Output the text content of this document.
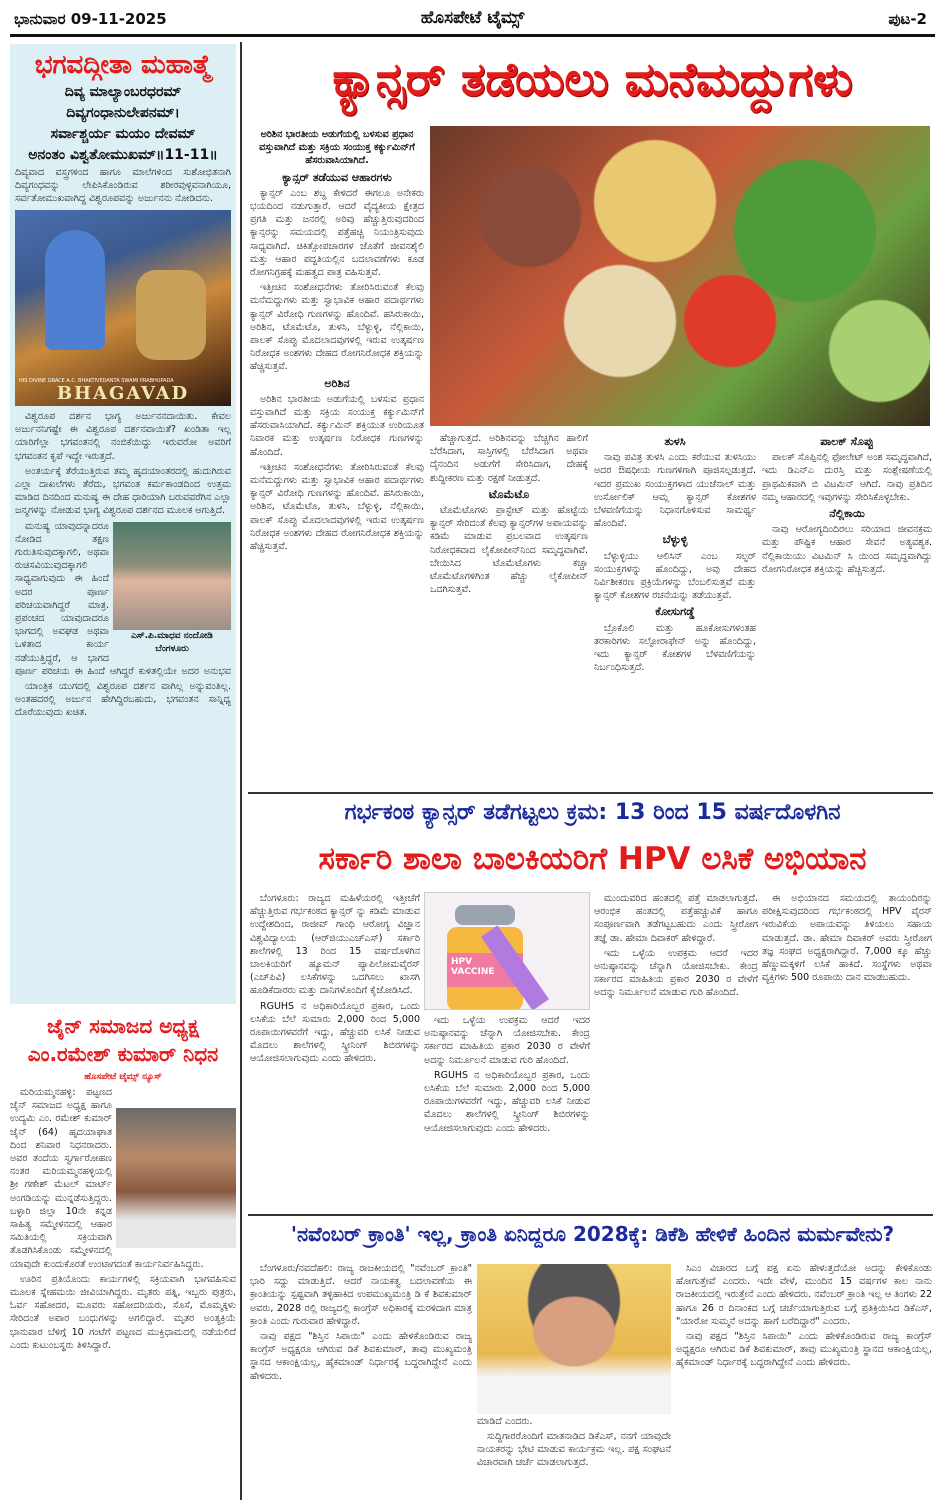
ಭಾನುವಾರ 09-11-2025	ಹೊಸಪೇಟೆ ಟೈಮ್ಸ್	ಪುಟ-2
ಭಗವದ್ಗೀತಾ ಮಹಾತ್ಮೆ
ದಿವ್ಯ ಮಾಲ್ಯಾಂಬರಧರಮ್
ದಿವ್ಯಗಂಧಾನುಲೇಪನಮ್।
ಸರ್ವಾಶ್ಚರ್ಯ ಮಯಂ ದೇವಮ್
ಅನಂತಂ ವಿಶ್ವತೋಮುಖಮ್॥11-11॥
ದಿವ್ಯವಾದ ವಸ್ತ್ರಗಳಿಂದ ಹಾಗೂ ಮಾಲೆಗಳಿಂದ ಸುಶೋಭಿತನಾಗಿ ದಿವ್ಯಗಂಧವನ್ನು ಲೇಪಿಸಿಕೊಂಡಿರುವ ಶರೀರವುಳ್ಳವನಾಗಿಯೂ, ಸರ್ವತೋಮುಖವಾಗಿದ್ದ ವಿಶ್ವರೂಪವನ್ನು ಅರ್ಜುನನು ನೋಡಿದನು.
HIS DIVINE GRACE A.C. BHAKTIVEDANTA SWAMI PRABHUPADA
BHAGAVAD

ವಿಶ್ವರೂಪ ದರ್ಶನ ಭಾಗ್ಯ ಅರ್ಜುನನದಾಯಿತು. ಕೇವಲ ಅರ್ಜುನನಿಗಷ್ಟೇ ಈ ವಿಶ್ವರೂಪ ದರ್ಶನವಾಯಿತೆ? ಖಂಡಿತಾ ಇಲ್ಲ ಯಾರಿಗೆಲ್ಲಾ ಭಗವಂತನಲ್ಲಿ ನಂಬಿಕೆಯಿದ್ದು ಇರುವರೋ ಅವರಿಗೆ ಭಗವಂತನ ಕೃಪೆ ಇದ್ದೇ ಇರುತ್ತದೆ.

ಅಂತರ್ಯಕ್ಕೆ ತೆರೆಯುತ್ತಿರುವ ತಮ್ಮ ಹೃದಯಾಂತರದಲ್ಲಿ ಹುದುಗಿರುವ ಎಲ್ಲಾ ದಾಖಲೆಗಳು ತೆರೆದು, ಭಗವಂತ ಕರ್ಮಕಾಂಡದಿಂದ ಉತ್ತಮ ಮಾಡಿದ ದಿನದಿಂದ ಮನುಷ್ಯ ಈ ದೇಹ ಧಾರಿಯಾಗಿ ಬರುವವರೆಗಿನ ಎಲ್ಲಾ ಜನ್ಮಗಳನ್ನು ನೋಡುವ ಭಾಗ್ಯ ವಿಶ್ವರೂಪ ದರ್ಶನದ ಮೂಲಕ ಆಗುತ್ತಿದೆ.

ಎಸ್.ಪಿ.ಮಾಧವ ನಂದೋಡಿ
ಬೆಂಗಳೂರು

ಮನುಷ್ಯ ಯಾವುದನ್ನಾದರೂ ನೋಡಿದ ತಕ್ಷಣ ಗುರುತಿಸುವುದಕ್ಕಾಗಲಿ, ಅಥವಾ ರುಚಿಸವಿಯುವುದಕ್ಕಾಗಲಿ ಸಾಧ್ಯವಾಗುವುದು ಈ ಹಿಂದೆ ಅದರ ಪೂರ್ಣ ಪರಿಚಯವಾಗಿದ್ದರೆ ಮಾತ್ರ. ಪ್ರಪಂಚದ ಯಾವುದಾದರೂ ಭಾಗದಲ್ಲಿ ಅವಘಡ ಅಥವಾ ಒಳಿತಾದ ಕಾರ್ಯ ನಡೆಯುತ್ತಿದ್ದರೆ, ಆ ಭಾಗದ ಪೂರ್ಣ ಪರಿಚಯ ಈ ಹಿಂದೆ ಆಗಿದ್ದರೆ ಕುಳಿತಲ್ಲಿಯೇ ಅದರ ಅನುಭವ

ಯಾಂತ್ರಿಕ ಯುಗದಲ್ಲಿ ವಿಶ್ವರೂಪ ದರ್ಶನ ವಾಗಿಲ್ಲ ಅನ್ನುವಂತಿಲ್ಲ. ಅಂತಹದರಲ್ಲಿ ಅರ್ಜುನ ಹೇಗಿದ್ದಿರಬಹುದು, ಭಗವಂತನ ಸಾನ್ನಿಧ್ಯ ದೊರೆಯುವುದು ಖಚಿತ.

ಜೈನ್ ಸಮಾಜದ ಅಧ್ಯಕ್ಷ
ಎಂ.ರಮೇಶ್ ಕುಮಾರ್ ನಿಧನ
ಹೊಸಪೇಟೆ ಟೈಮ್ಸ್ ನ್ಯೂಸ್

ಮರಿಯಮ್ಮನಹಳ್ಳಿ: ಪಟ್ಟಣದ ಜೈನ್ ಸಮಾಜದ ಅಧ್ಯಕ್ಷ ಹಾಗೂ ಉದ್ಯಮಿ ಎಂ. ರಮೇಶ್ ಕುಮಾರ್ ಜೈನ್ (64) ಹೃದಯಾಘಾತ ದಿಂದ ಶನಿವಾರ ನಿಧನರಾದರು. ಅವರ ತಂದೆಯ ಸ್ವರ್ಗಾರೋಹಣ ನಂತರ ಮರಿಯಮ್ಮನಹಳ್ಳಿಯಲ್ಲಿ ಶ್ರೀ ಗಣೇಶ್ ಮೆಟಲ್ ಮಾರ್ಟ್ ಅಂಗಡಿಯನ್ನು ಮುನ್ನಡೆಸುತ್ತಿದ್ದರು. ಬಳ್ಳಾರಿ ಜಿಲ್ಲಾ 10ನೇ ಕನ್ನಡ ಸಾಹಿತ್ಯ ಸಮ್ಮೇಳನದಲ್ಲಿ ಆಹಾರ ಸಮಿತಿಯಲ್ಲಿ ಸಕ್ರಿಯವಾಗಿ ತೊಡಗಿಸಿಕೊಂಡು ಸಮ್ಮೇಳನದಲ್ಲಿ ಯಾವುದೇ ಕುಂದುಕೊರತೆ ಉಂಟಾಗದಂತೆ ಕಾರ್ಯನಿರ್ವಹಿಸಿದ್ದರು.

ಊರಿನ ಪ್ರತಿಯೊಂದು ಕಾರ್ಯಗಳಲ್ಲಿ ಸಕ್ರಿಯವಾಗಿ ಭಾಗವಹಿಸುವ ಮೂಲಕ ಸ್ನೇಹಮಯಿ ಜೀವಿಯಾಗಿದ್ದರು. ಮೃತರು ಪತ್ನಿ, ಇಬ್ಬರು ಪುತ್ರರು, ಓರ್ವ ಸಹೋದರ, ಮೂವರು ಸಹೋದರಿಯರು, ಸೊಸೆ, ಮೊಮ್ಮಕ್ಕಳು ಸೇರಿದಂತೆ ಅಪಾರ ಬಂಧುಗಳನ್ನು ಅಗಲಿದ್ದಾರೆ. ಮೃತರ ಅಂತ್ಯಕ್ರಿಯೆ ಭಾನುವಾರ ಬೆಳಿಗ್ಗೆ 10 ಗಂಟೆಗೆ ಪಟ್ಟಣದ ಮುಕ್ತಿಧಾಮದಲ್ಲಿ ನಡೆಯಲಿದೆ ಎಂದು ಕುಟುಂಬಸ್ಥರು ತಿಳಿಸಿದ್ದಾರೆ.

ಕ್ಯಾನ್ಸರ್ ತಡೆಯಲು ಮನೆಮದ್ದುಗಳು
ಅರಿಶಿನ ಭಾರತೀಯ ಅಡುಗೆಯಲ್ಲಿ ಬಳಸುವ ಪ್ರಧಾನ ವಸ್ತುವಾಗಿದೆ ಮತ್ತು ಸಕ್ರಿಯ ಸಂಯುಕ್ತ ಕರ್ಕ್ಯುಮಿನ್‌ಗೆ ಹೆಸರುವಾಸಿಯಾಗಿದೆ.
ಕ್ಯಾನ್ಸರ್ ತಡೆಯುವ ಆಹಾರಗಳು

ಕ್ಯಾನ್ಸರ್ ಎಂಬ ಶಬ್ದ ಕೇಳಿದರೆ ಈಗಲೂ ಅನೇಕರು ಭಯದಿಂದ ನಡುಗುತ್ತಾರೆ. ಆದರೆ ವೈದ್ಯಕೀಯ ಕ್ಷೇತ್ರದ ಪ್ರಗತಿ ಮತ್ತು ಜನರಲ್ಲಿ ಅರಿವು ಹೆಚ್ಚುತ್ತಿರುವುದರಿಂದ ಕ್ಯಾನ್ಸರನ್ನು ಸಮಯದಲ್ಲಿ ಪತ್ತೆಹಚ್ಚಿ ನಿಯಂತ್ರಿಸುವುದು ಸಾಧ್ಯವಾಗಿದೆ. ಚಿಕಿತ್ಸೋಪಚಾರಗಳ ಜೊತೆಗೆ ಜೀವನಶೈಲಿ ಮತ್ತು ಆಹಾರ ಪದ್ಧತಿಯಲ್ಲಿನ ಬದಲಾವಣೆಗಳು ಕೂಡ ರೋಗನಿಗ್ರಹಕ್ಕೆ ಮಹತ್ವದ ಪಾತ್ರ ವಹಿಸುತ್ತವೆ.

ಇತ್ತೀಚಿನ ಸಂಶೋಧನೆಗಳು ತೋರಿಸಿರುವಂತೆ ಕೆಲವು ಮನೆಮದ್ದುಗಳು ಮತ್ತು ಸ್ವಾಭಾವಿಕ ಆಹಾರ ಪದಾರ್ಥಗಳು ಕ್ಯಾನ್ಸರ್ ವಿರೋಧಿ ಗುಣಗಳನ್ನು ಹೊಂದಿವೆ. ಹಸಿರುಕಾಯಿ, ಅರಿಶಿನ, ಟೊಮೆಟೊ, ತುಳಸಿ, ಬೆಳ್ಳುಳ್ಳಿ, ನೆಲ್ಲಿಕಾಯಿ, ಪಾಲಕ್ ಸೊಪ್ಪು ಮೊದಲಾದವುಗಳಲ್ಲಿ ಇರುವ ಉತ್ಕರ್ಷಣ ನಿರೋಧಕ ಅಂಶಗಳು ದೇಹದ ರೋಗನಿರೋಧಕ ಶಕ್ತಿಯನ್ನು ಹೆಚ್ಚಿಸುತ್ತವೆ.

ಅರಿಶಿನ

ಅರಿಶಿನ ಭಾರತೀಯ ಅಡುಗೆಯಲ್ಲಿ ಬಳಸುವ ಪ್ರಧಾನ ವಸ್ತುವಾಗಿದೆ ಮತ್ತು ಸಕ್ರಿಯ ಸಂಯುಕ್ತ ಕರ್ಕ್ಯುಮಿನ್‌ಗೆ ಹೆಸರುವಾಸಿಯಾಗಿದೆ. ಕರ್ಕ್ಯುಮಿನ್ ಶಕ್ತಿಯುತ ಉರಿಯೂತ ನಿವಾರಕ ಮತ್ತು ಉತ್ಕರ್ಷಣ ನಿರೋಧಕ ಗುಣಗಳನ್ನು ಹೊಂದಿದೆ.

ಇತ್ತೀಚಿನ ಸಂಶೋಧನೆಗಳು ತೋರಿಸಿರುವಂತೆ ಕೆಲವು ಮನೆಮದ್ದುಗಳು ಮತ್ತು ಸ್ವಾಭಾವಿಕ ಆಹಾರ ಪದಾರ್ಥಗಳು ಕ್ಯಾನ್ಸರ್ ವಿರೋಧಿ ಗುಣಗಳನ್ನು ಹೊಂದಿವೆ. ಹಸಿರುಕಾಯಿ, ಅರಿಶಿನ, ಟೊಮೆಟೊ, ತುಳಸಿ, ಬೆಳ್ಳುಳ್ಳಿ, ನೆಲ್ಲಿಕಾಯಿ, ಪಾಲಕ್ ಸೊಪ್ಪು ಮೊದಲಾದವುಗಳಲ್ಲಿ ಇರುವ ಉತ್ಕರ್ಷಣ ನಿರೋಧಕ ಅಂಶಗಳು ದೇಹದ ರೋಗನಿರೋಧಕ ಶಕ್ತಿಯನ್ನು ಹೆಚ್ಚಿಸುತ್ತವೆ.

ಹೆಚ್ಚಾಗುತ್ತದೆ. ಅರಿಶಿನವನ್ನು ಬೆಚ್ಚಗಿನ ಹಾಲಿಗೆ ಬೆರೆಸಿದಾಗ, ಸಾಸ್ತಿಗಳಲ್ಲಿ ಬೆರೆಸಿದಾಗ ಅಥವಾ ದೈನಂದಿನ ಅಡುಗೆಗೆ ಸೇರಿಸಿದಾಗ, ದೇಹಕ್ಕೆ ಶುದ್ಧೀಕರಣ ಮತ್ತು ರಕ್ಷಣೆ ನೀಡುತ್ತದೆ.

ಟೊಮೆಟೊ

ಟೊಮೆಟೊಗಳು ಪ್ರಾಸ್ಟೇಟ್ ಮತ್ತು ಹೊಟ್ಟೆಯ ಕ್ಯಾನ್ಸರ್ ಸೇರಿದಂತೆ ಕೆಲವು ಕ್ಯಾನ್ಸರ್‌ಗಳ ಅಪಾಯವನ್ನು ಕಡಿಮೆ ಮಾಡುವ ಪ್ರಬಲವಾದ ಉತ್ಕರ್ಷಣ ನಿರೋಧಕವಾದ ಲೈಕೋಪೀನ್‌ನಿಂದ ಸಮೃದ್ಧವಾಗಿವೆ. ಬೇಯಿಸಿದ ಟೊಮೆಟೊಗಳು ಕಚ್ಚಾ ಟೊಮೆಟೊಗಳಿಗಿಂತ ಹೆಚ್ಚು ಲೈಕೋಪೀನ್ ಒದಗಿಸುತ್ತವೆ.

ತುಳಸಿ

ನಾವು ಪವಿತ್ರ ತುಳಸಿ ಎಂದು ಕರೆಯುವ ತುಳಸಿಯು ಅದರ ಔಷಧೀಯ ಗುಣಗಳಿಗಾಗಿ ಪೂಜಿಸಲ್ಪಡುತ್ತದೆ. ಇದರ ಪ್ರಮುಖ ಸಂಯುಕ್ತಗಳಾದ ಯುಜೆನಾಲ್ ಮತ್ತು ಉರ್ಸೋಲಿಕ್ ಆಮ್ಲ ಕ್ಯಾನ್ಸರ್ ಕೋಶಗಳ ಬೆಳವಣಿಗೆಯನ್ನು ನಿಧಾನಗೊಳಿಸುವ ಸಾಮರ್ಥ್ಯ ಹೊಂದಿವೆ.

ಬೆಳ್ಳುಳ್ಳಿ

ಬೆಳ್ಳುಳ್ಳಿಯು ಆಲಿಸಿನ್ ಎಂಬ ಸಲ್ಫರ್ ಸಂಯುಕ್ತಗಳನ್ನು ಹೊಂದಿದ್ದು, ಅವು ದೇಹದ ನಿರ್ವಿಶೀಕರಣ ಪ್ರಕ್ರಿಯೆಗಳನ್ನು ಬೆಂಬಲಿಸುತ್ತವೆ ಮತ್ತು ಕ್ಯಾನ್ಸರ್ ಕೋಶಗಳ ರಚನೆಯನ್ನು ತಡೆಯುತ್ತವೆ.

ಕೋಸುಗಡ್ಡೆ

ಬ್ರೊಕೊಲಿ ಮತ್ತು ಹೂಕೋಸುಗಳಂತಹ ತರಕಾರಿಗಳು ಸಲ್ಫೋರಾಫೇನ್ ಅನ್ನು ಹೊಂದಿದ್ದು, ಇದು ಕ್ಯಾನ್ಸರ್ ಕೋಶಗಳ ಬೆಳವಣಿಗೆಯನ್ನು ನಿರ್ಬಂಧಿಸುತ್ತದೆ.

ಪಾಲಕ್ ಸೊಪ್ಪು

ಪಾಲಕ್ ಸೊಪ್ಪಿನಲ್ಲಿ ಫೋಲೇಟ್ ಅಂಶ ಸಮೃದ್ಧವಾಗಿದೆ, ಇದು ಡಿಎನ್‌ಎ ದುರಸ್ತಿ ಮತ್ತು ಸಂಶ್ಲೇಷಣೆಯಲ್ಲಿ ಪ್ರಾಥಮಿಕವಾಗಿ ಬಿ ವಿಟಮಿನ್ ಆಗಿದೆ. ನಾವು ಪ್ರತಿದಿನ ನಮ್ಮ ಆಹಾರದಲ್ಲಿ ಇವುಗಳನ್ನು ಸೇರಿಸಿಕೊಳ್ಳಬೇಕು.

ನೆಲ್ಲಿಕಾಯಿ

ನಾವು ಆರೋಗ್ಯದಿಂದಿರಲು ಸರಿಯಾದ ಜೀವನಕ್ರಮ ಮತ್ತು ಪೌಷ್ಟಿಕ ಆಹಾರ ಸೇವನೆ ಅತ್ಯವಶ್ಯಕ. ನೆಲ್ಲಿಕಾಯಿಯು ವಿಟಮಿನ್ ಸಿ ಯಿಂದ ಸಮೃದ್ಧವಾಗಿದ್ದು ರೋಗನಿರೋಧಕ ಶಕ್ತಿಯನ್ನು ಹೆಚ್ಚಿಸುತ್ತದೆ.

ಗರ್ಭಕಂಠ ಕ್ಯಾನ್ಸರ್ ತಡೆಗಟ್ಟಲು ಕ್ರಮ: 13 ರಿಂದ 15 ವರ್ಷದೊಳಗಿನ
ಸರ್ಕಾರಿ ಶಾಲಾ ಬಾಲಕಿಯರಿಗೆ HPV ಲಸಿಕೆ ಅಭಿಯಾನ

ಬೆಂಗಳೂರು: ರಾಜ್ಯದ ಮಹಿಳೆಯರಲ್ಲಿ ಇತ್ತೀಚೆಗೆ ಹೆಚ್ಚುತ್ತಿರುವ ಗರ್ಭಕಂಠದ ಕ್ಯಾನ್ಸರ್ ನ್ನು ಕಡಿಮೆ ಮಾಡುವ ಉದ್ದೇಶದಿಂದ, ರಾಜೀವ್ ಗಾಂಧಿ ಆರೋಗ್ಯ ವಿಜ್ಞಾನ ವಿಶ್ವವಿದ್ಯಾಲಯ (ಆರ್‌ಜಿಯುಎಚ್‌ಎಸ್) ಸರ್ಕಾರಿ ಶಾಲೆಗಳಲ್ಲಿ 13 ರಿಂದ 15 ವರ್ಷದೊಳಗಿನ ಬಾಲಕಿಯರಿಗೆ ಹ್ಯೂಮನ್ ಪ್ಯಾಪಿಲೋಮವೈರಸ್ (ಎಚ್‌ಪಿವಿ) ಲಸಿಕೆಗಳನ್ನು ಒದಗಿಸಲು ಖಾಸಗಿ ಹೂಡಿಕೆದಾರರು ಮತ್ತು ದಾನಿಗಳೊಂದಿಗೆ ಕೈಜೋಡಿಸಿದೆ.

RGUHS ನ ಅಧಿಕಾರಿಯೊಬ್ಬರ ಪ್ರಕಾರ, ಒಂದು ಲಸಿಕೆಯ ಬೆಲೆ ಸುಮಾರು 2,000 ರಿಂದ 5,000 ರೂಪಾಯಿಗಳವರೆಗೆ ಇದ್ದು, ಹೆಚ್ಚುವರಿ ಲಸಿಕೆ ನೀಡುವ ಮೊದಲು ಶಾಲೆಗಳಲ್ಲಿ ಸ್ಕ್ರೀನಿಂಗ್ ಶಿಬಿರಗಳನ್ನು ಆಯೋಜಿಸಲಾಗುವುದು ಎಂದು ಹೇಳಿದರು.

HPV
VACCINE

ಇದು ಒಳ್ಳೆಯ ಉಪಕ್ರಮ ಆದರೆ ಇದರ ಅನುಷ್ಠಾನವನ್ನು ಚೆನ್ನಾಗಿ ಯೋಜಿಸಬೇಕು. ಕೇಂದ್ರ ಸರ್ಕಾರದ ಮಾಹಿತಿಯ ಪ್ರಕಾರ 2030 ರ ವೇಳೆಗೆ ಅದನ್ನು ನಿರ್ಮೂಲನೆ ಮಾಡುವ ಗುರಿ ಹೊಂದಿದೆ.

RGUHS ನ ಅಧಿಕಾರಿಯೊಬ್ಬರ ಪ್ರಕಾರ, ಒಂದು ಲಸಿಕೆಯ ಬೆಲೆ ಸುಮಾರು 2,000 ರಿಂದ 5,000 ರೂಪಾಯಿಗಳವರೆಗೆ ಇದ್ದು, ಹೆಚ್ಚುವರಿ ಲಸಿಕೆ ನೀಡುವ ಮೊದಲು ಶಾಲೆಗಳಲ್ಲಿ ಸ್ಕ್ರೀನಿಂಗ್ ಶಿಬಿರಗಳನ್ನು ಆಯೋಜಿಸಲಾಗುವುದು ಎಂದು ಹೇಳಿದರು.

ಮುಂದುವರಿದ ಹಂತದಲ್ಲಿ ಪತ್ತೆ ಮಾಡಲಾಗುತ್ತದೆ. ಆರಂಭಿಕ ಹಂತದಲ್ಲಿ ಪತ್ತೆಹಚ್ಚುವಿಕೆ ಹಾಗೂ ಸಂಪೂರ್ಣವಾಗಿ ತಡೆಗಟ್ಟಬಹುದು ಎಂದು ಸ್ತ್ರೀರೋಗ ತಜ್ಞೆ ಡಾ. ಹೇಮಾ ದಿವಾಕರ್ ಹೇಳಿದ್ದಾರೆ.

ಇದು ಒಳ್ಳೆಯ ಉಪಕ್ರಮ ಆದರೆ ಇದರ ಅನುಷ್ಠಾನವನ್ನು ಚೆನ್ನಾಗಿ ಯೋಜಿಸಬೇಕು. ಕೇಂದ್ರ ಸರ್ಕಾರದ ಮಾಹಿತಿಯ ಪ್ರಕಾರ 2030 ರ ವೇಳೆಗೆ ಅದನ್ನು ನಿರ್ಮೂಲನೆ ಮಾಡುವ ಗುರಿ ಹೊಂದಿದೆ.

ಈ ಅಭಿಯಾನದ ಸಮಯದಲ್ಲಿ ತಾಯಂದಿರನ್ನು ಪರೀಕ್ಷಿಸುವುದರಿಂದ ಗರ್ಭಕಂಠದಲ್ಲಿ HPV ವೈರಸ್ ಇರುವಿಕೆಯ ಅಪಾಯವನ್ನು ತಿಳಿಯಲು ಸಹಾಯ ಮಾಡುತ್ತದೆ. ಡಾ. ಹೇಮಾ ದಿವಾಕರ್ ಅವರು ಸ್ತ್ರೀರೋಗ ತಜ್ಞ ಸಂಘದ ಅಧ್ಯಕ್ಷರಾಗಿದ್ದಾರೆ. 7,000 ಕ್ಕೂ ಹೆಚ್ಚು ಹೆಣ್ಣುಮಕ್ಕಳಿಗೆ ಲಸಿಕೆ ಹಾಕಿದೆ. ಸಂಸ್ಥೆಗಳು ಅಥವಾ ವ್ಯಕ್ತಿಗಳು 500 ರೂಪಾಯಿ ದಾನ ಮಾಡಬಹುದು.

'ನವೆಂಬರ್ ಕ್ರಾಂತಿ' ಇಲ್ಲ, ಕ್ರಾಂತಿ ಏನಿದ್ದರೂ 2028ಕ್ಕೆ: ಡಿಕೆಶಿ ಹೇಳಿಕೆ ಹಿಂದಿನ ಮರ್ಮವೇನು?

ಬೆಂಗಳೂರು/ನವದೆಹಲಿ: ರಾಜ್ಯ ರಾಜಕೀಯದಲ್ಲಿ "ನವೆಂಬರ್ ಕ್ರಾಂತಿ" ಭಾರಿ ಸದ್ದು ಮಾಡುತ್ತಿದೆ. ಆದರೆ ನಾಯಕತ್ವ ಬದಲಾವಣೆಯ ಈ ಕ್ರಾಂತಿಯನ್ನು ಸ್ಪಷ್ಟವಾಗಿ ತಳ್ಳಿಹಾಕಿದ ಉಪಮುಖ್ಯಮಂತ್ರಿ ಡಿ ಕೆ ಶಿವಕುಮಾರ್ ಅವರು, 2028 ರಲ್ಲಿ ರಾಜ್ಯದಲ್ಲಿ ಕಾಂಗ್ರೆಸ್ ಅಧಿಕಾರಕ್ಕೆ ಮರಳಿದಾಗ ಮಾತ್ರ ಕ್ರಾಂತಿ ಎಂದು ಗುರುವಾರ ಹೇಳಿದ್ದಾರೆ.

ನಾವು ಪಕ್ಷದ "ಶಿಸ್ತಿನ ಸಿಪಾಯಿ" ಎಂದು ಹೇಳಿಕೊಂಡಿರುವ ರಾಜ್ಯ ಕಾಂಗ್ರೆಸ್ ಅಧ್ಯಕ್ಷರೂ ಆಗಿರುವ ಡಿಕೆ ಶಿವಕುಮಾರ್, ತಾವು ಮುಖ್ಯಮಂತ್ರಿ ಸ್ಥಾನದ ಆಕಾಂಕ್ಷಿಯಲ್ಲ, ಹೈಕಮಾಂಡ್ ನಿರ್ಧಾರಕ್ಕೆ ಬದ್ಧರಾಗಿದ್ದೇನೆ ಎಂದು ಹೇಳಿದರು.

ಮಾಡಿದೆ ಎಂದರು.

ಸುದ್ದಿಗಾರರೊಂದಿಗೆ ಮಾತನಾಡಿದ ಡಿಕೆಎಸ್, ನನಗೆ ಯಾವುದೇ ನಾಯಕರನ್ನು ಭೇಟಿ ಮಾಡುವ ಕಾರ್ಯಕ್ರಮ ಇಲ್ಲ. ಪಕ್ಷ ಸಂಘಟನೆ ವಿಚಾರವಾಗಿ ಚರ್ಚೆ ಮಾಡಲಾಗುತ್ತದೆ.

ಸಿಎಂ ವಿಚಾರದ ಬಗ್ಗೆ ಪಕ್ಷ ಏನು ಹೇಳುತ್ತದೆಯೋ ಅದನ್ನು ಕೇಳಿಕೊಂಡು ಹೋಗುತ್ತೇವೆ ಎಂದರು. ಇದೇ ವೇಳೆ, ಮುಂದಿನ 15 ವರ್ಷಗಳ ಕಾಲ ನಾನು ರಾಜಕೀಯದಲ್ಲಿ ಇರುತ್ತೇನೆ ಎಂದು ಹೇಳಿದರು. ನವೆಂಬರ್ ಕ್ರಾಂತಿ ಇಲ್ಲ ಆ ತಿಂಗಳು 22 ಹಾಗೂ 26 ರ ದಿನಾಂಕದ ಬಗ್ಗೆ ಚರ್ಚೆಯಾಗುತ್ತಿರುವ ಬಗ್ಗೆ ಪ್ರತಿಕ್ರಿಯಿಸಿದ ಡಿಕೆಎಸ್, "ಯಾರೋ ಸುಮ್ಮನೆ ಅದನ್ನು ಹಾಗೆ ಬರೆದಿದ್ದಾರೆ" ಎಂದರು.

ನಾವು ಪಕ್ಷದ "ಶಿಸ್ತಿನ ಸಿಪಾಯಿ" ಎಂದು ಹೇಳಿಕೊಂಡಿರುವ ರಾಜ್ಯ ಕಾಂಗ್ರೆಸ್ ಅಧ್ಯಕ್ಷರೂ ಆಗಿರುವ ಡಿಕೆ ಶಿವಕುಮಾರ್, ತಾವು ಮುಖ್ಯಮಂತ್ರಿ ಸ್ಥಾನದ ಆಕಾಂಕ್ಷಿಯಲ್ಲ, ಹೈಕಮಾಂಡ್ ನಿರ್ಧಾರಕ್ಕೆ ಬದ್ಧರಾಗಿದ್ದೇನೆ ಎಂದು ಹೇಳಿದರು.
